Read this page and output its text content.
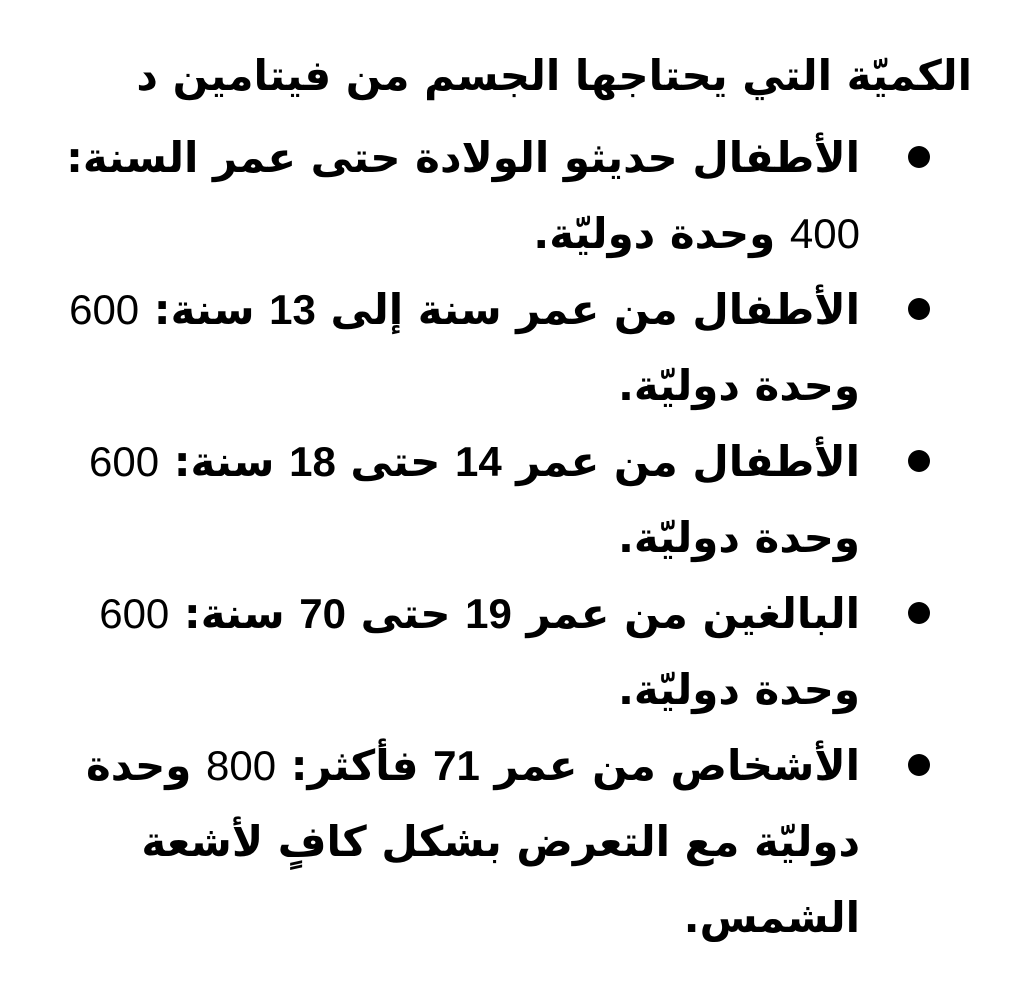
الكميّة التي يحتاجها الجسم من فيتامين د
الأطفال حديثو الولادة حتى عمر السنة: 400 وحدة دوليّة.
الأطفال من عمر سنة إلى 13 سنة: 600 وحدة دوليّة.
الأطفال من عمر 14 حتى 18 سنة: 600 وحدة دوليّة.
البالغين من عمر 19 حتى 70 سنة: 600 وحدة دوليّة.
الأشخاص من عمر 71 فأكثر: 800 وحدة دوليّة مع التعرض بشكل كافٍ لأشعة الشمس.
